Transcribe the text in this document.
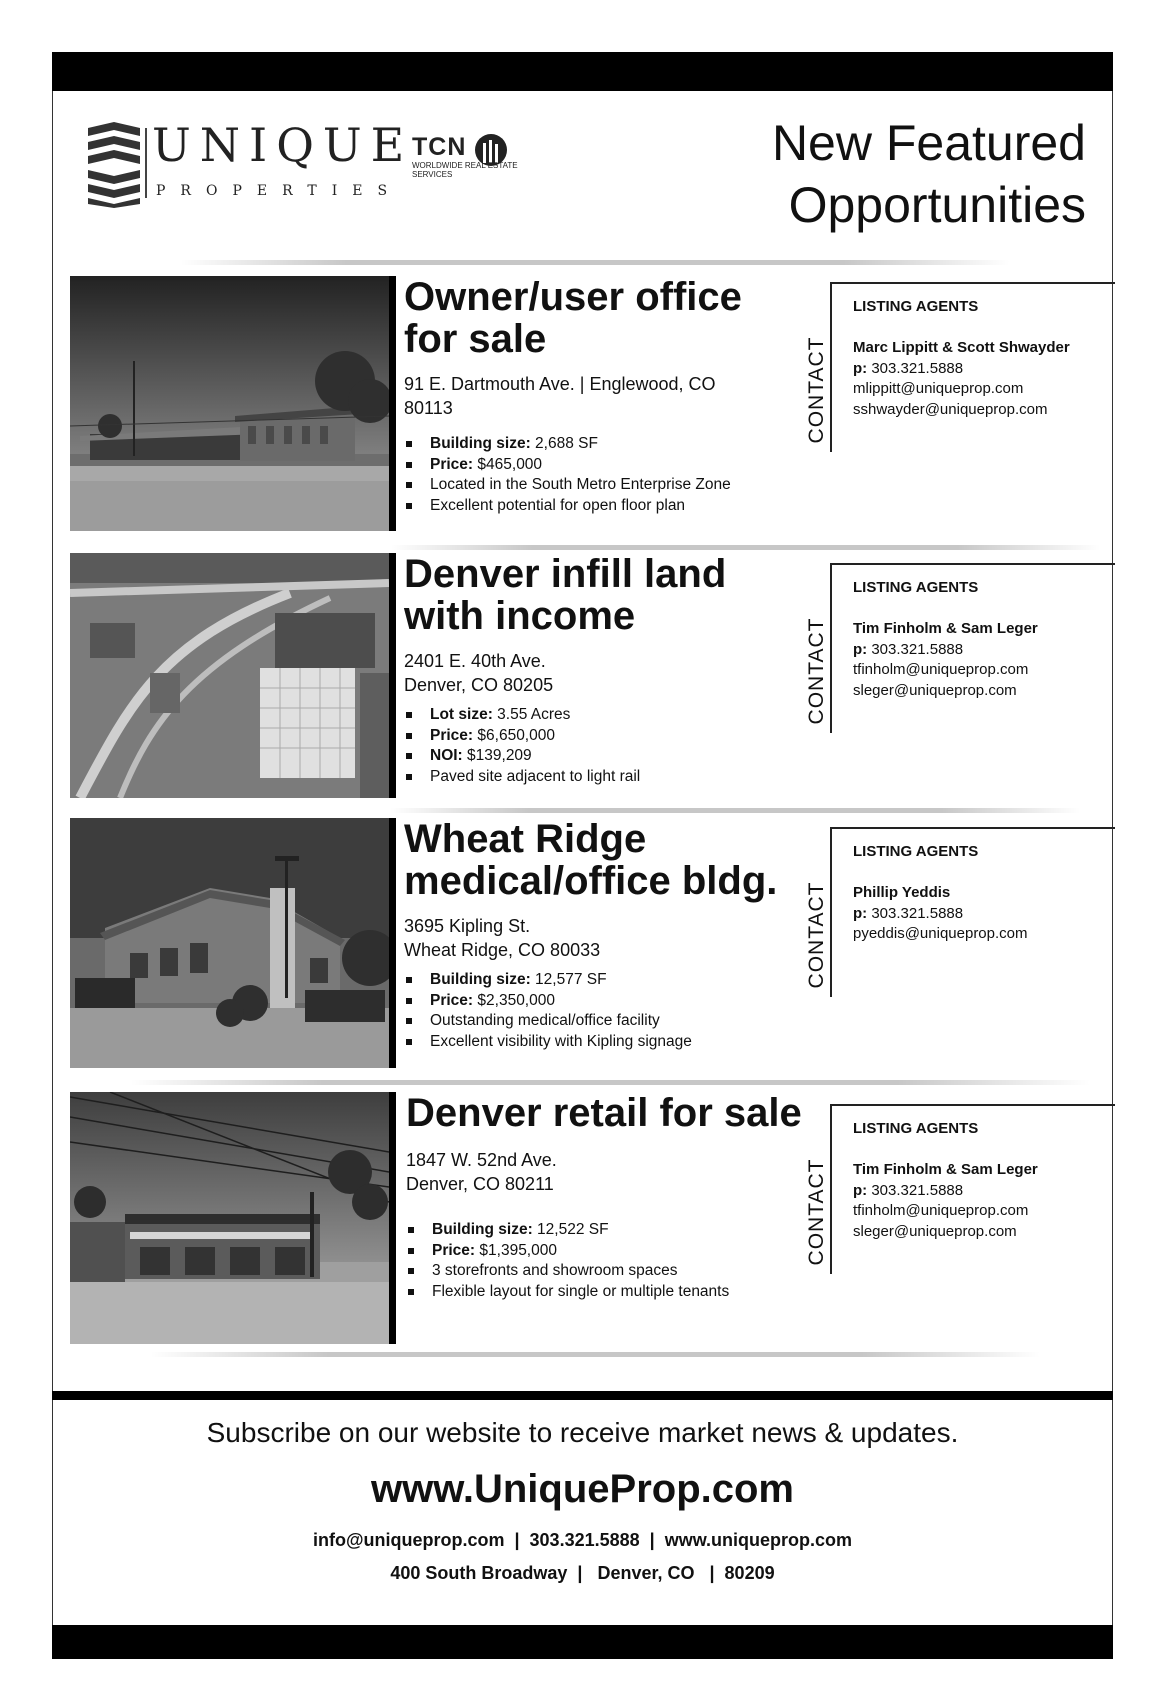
UNIQUE
PROPERTIES
TCN
WORLDWIDE REAL ESTATE SERVICES
New Featured
Opportunities
Owner/user office
for sale
91 E. Dartmouth Ave. | Englewood, CO
80113
Building size: 2,688 SF
Price: $465,000
Located in the South Metro Enterprise Zone
Excellent potential for open floor plan
CONTACT
LISTING AGENTS
Marc Lippitt & Scott Shwayder
p: 303.321.5888
mlippitt@uniqueprop.com
sshwayder@uniqueprop.com
Denver infill land
with income
2401 E. 40th Ave.
Denver, CO 80205
Lot size: 3.55 Acres
Price: $6,650,000
NOI: $139,209
Paved site adjacent to light rail
CONTACT
LISTING AGENTS
Tim Finholm & Sam Leger
p: 303.321.5888
tfinholm@uniqueprop.com
sleger@uniqueprop.com
Wheat Ridge
medical/office bldg.
3695 Kipling St.
Wheat Ridge, CO 80033
Building size: 12,577 SF
Price: $2,350,000
Outstanding medical/office facility
Excellent visibility with Kipling signage
CONTACT
LISTING AGENTS
Phillip Yeddis
p: 303.321.5888
pyeddis@uniqueprop.com
Denver retail for sale
1847 W. 52nd Ave.
Denver, CO 80211
Building size: 12,522 SF
Price: $1,395,000
3 storefronts and showroom spaces
Flexible layout for single or multiple tenants
CONTACT
LISTING AGENTS
Tim Finholm & Sam Leger
p: 303.321.5888
tfinholm@uniqueprop.com
sleger@uniqueprop.com
Subscribe on our website to receive market news & updates.
www.UniqueProp.com
info@uniqueprop.com  |  303.321.5888  |  www.uniqueprop.com
400 South Broadway  |   Denver, CO   |  80209
